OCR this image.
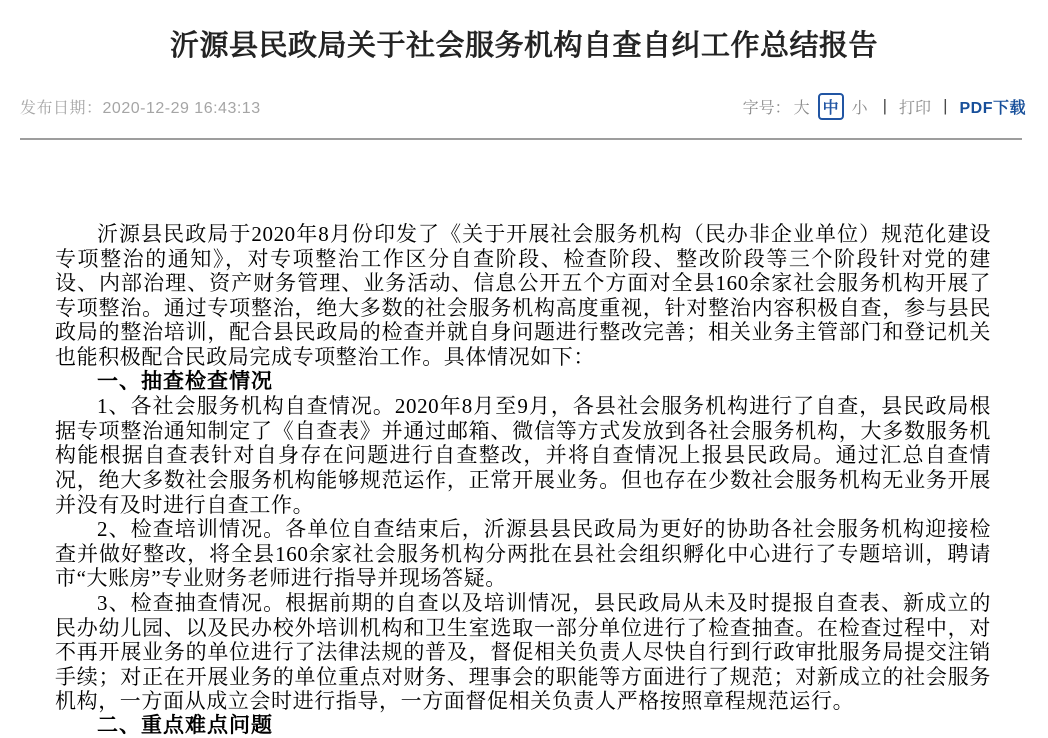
沂源县民政局关于社会服务机构自查自纠工作总结报告
发布日期：2020-12-29 16:43:13	字号： 大 中 小 | 打印 | PDF下载

沂源县民政局于2020年8月份印发了《关于开展社会服务机构（民办非企业单位）规范化建设专项整治的通知》，对专项整治工作区分自查阶段、检查阶段、整改阶段等三个阶段针对党的建设、内部治理、资产财务管理、业务活动、信息公开五个方面对全县160余家社会服务机构开展了专项整治。通过专项整治，绝大多数的社会服务机构高度重视，针对整治内容积极自查，参与县民政局的整治培训，配合县民政局的检查并就自身问题进行整改完善；相关业务主管部门和登记机关也能积极配合民政局完成专项整治工作。具体情况如下：

一、抽查检查情况

1、各社会服务机构自查情况。2020年8月至9月，各县社会服务机构进行了自查，县民政局根据专项整治通知制定了《自查表》并通过邮箱、微信等方式发放到各社会服务机构，大多数服务机构能根据自查表针对自身存在问题进行自查整改，并将自查情况上报县民政局。通过汇总自查情况，绝大多数社会服务机构能够规范运作，正常开展业务。但也存在少数社会服务机构无业务开展并没有及时进行自查工作。

2、检查培训情况。各单位自查结束后，沂源县县民政局为更好的协助各社会服务机构迎接检查并做好整改，将全县160余家社会服务机构分两批在县社会组织孵化中心进行了专题培训，聘请市“大账房”专业财务老师进行指导并现场答疑。

3、检查抽查情况。根据前期的自查以及培训情况，县民政局从未及时提报自查表、新成立的民办幼儿园、以及民办校外培训机构和卫生室选取一部分单位进行了检查抽查。在检查过程中，对不再开展业务的单位进行了法律法规的普及，督促相关负责人尽快自行到行政审批服务局提交注销手续；对正在开展业务的单位重点对财务、理事会的职能等方面进行了规范；对新成立的社会服务机构，一方面从成立会时进行指导，一方面督促相关负责人严格按照章程规范运行。

二、重点难点问题
